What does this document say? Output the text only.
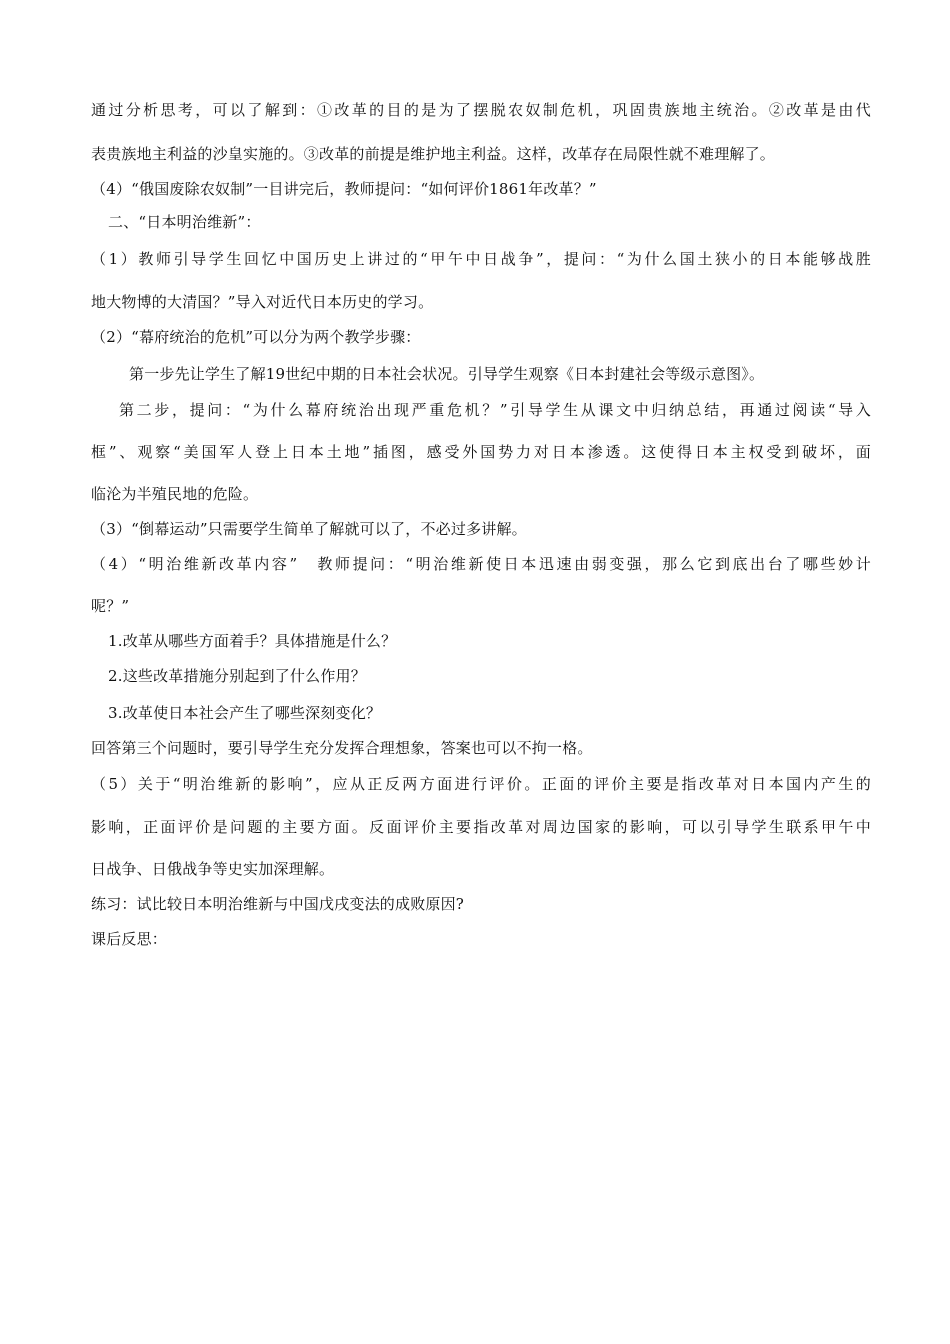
通过分析思考，可以了解到：①改革的目的是为了摆脱农奴制危机，巩固贵族地主统治。②改革是由代
表贵族地主利益的沙皇实施的。③改革的前提是维护地主利益。这样，改革存在局限性就不难理解了。
（4）“俄国废除农奴制”一目讲完后，教师提问：“如何评价1861年改革？”
二、“日本明治维新”：
（1）教师引导学生回忆中国历史上讲过的“甲午中日战争”，提问：“为什么国土狭小的日本能够战胜
地大物博的大清国？”导入对近代日本历史的学习。
（2）“幕府统治的危机”可以分为两个教学步骤：
第一步先让学生了解19世纪中期的日本社会状况。引导学生观察《日本封建社会等级示意图》。
第二步，提问：“为什么幕府统治出现严重危机？”引导学生从课文中归纳总结，再通过阅读“导入
框”、观察“美国军人登上日本土地”插图，感受外国势力对日本渗透。这使得日本主权受到破坏，面
临沦为半殖民地的危险。
（3）“倒幕运动”只需要学生简单了解就可以了，不必过多讲解。
（4）“明治维新改革内容”　教师提问：“明治维新使日本迅速由弱变强，那么它到底出台了哪些妙计
呢？”
1.改革从哪些方面着手？具体措施是什么？
2.这些改革措施分别起到了什么作用？
3.改革使日本社会产生了哪些深刻变化？
回答第三个问题时，要引导学生充分发挥合理想象，答案也可以不拘一格。
（5）关于“明治维新的影响”，应从正反两方面进行评价。正面的评价主要是指改革对日本国内产生的
影响，正面评价是问题的主要方面。反面评价主要指改革对周边国家的影响，可以引导学生联系甲午中
日战争、日俄战争等史实加深理解。
练习：试比较日本明治维新与中国戊戌变法的成败原因?
课后反思：
